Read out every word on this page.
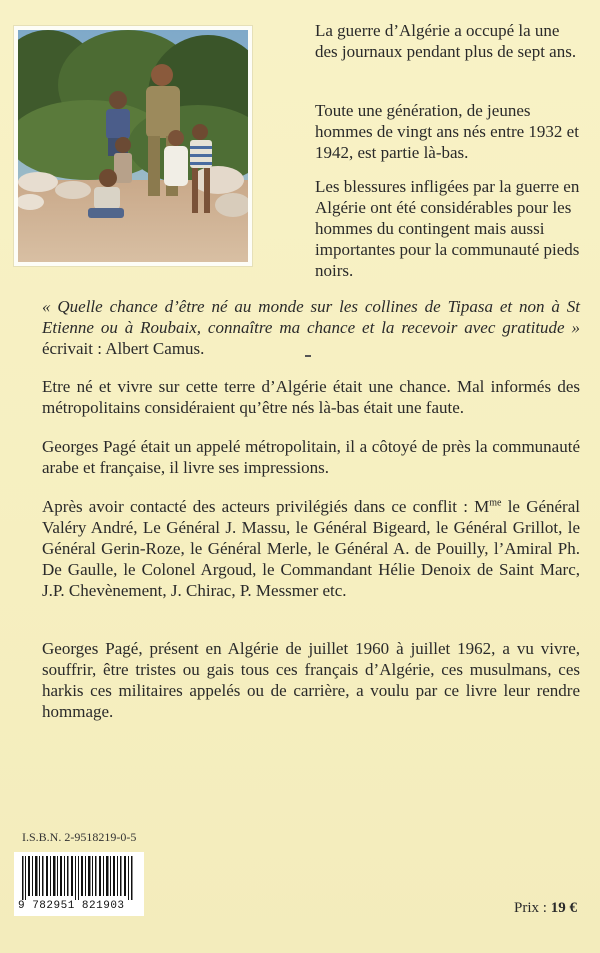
La guerre d’Algérie a occupé la une des journaux pendant plus de sept ans.

Toute une génération, de jeunes hommes de vingt ans nés entre 1932 et 1942, est partie là-bas.

Les blessures infligées par la guerre en Algérie ont été considérables pour les hommes du contingent mais aussi importantes pour la communauté pieds noirs.

« Quelle chance d’être né au monde sur les collines de Tipasa et non à St Etienne ou à Roubaix, connaître ma chance et la recevoir avec gratitude » écrivait : Albert Camus.

Etre né et vivre sur cette terre d’Algérie était une chance. Mal informés des métropolitains considéraient qu’être nés là-bas était une faute.

Georges Pagé était un appelé métropolitain, il a côtoyé de près la communauté arabe et française, il livre ses impressions.

Après avoir contacté des acteurs privilégiés dans ce conflit : $M^{me}$ le Général Valéry André, Le Général J. Massu, le Général Bigeard, le Général Grillot, le Général Gerin-Roze, le Général Merle, le Général A. de Pouilly, l’Amiral Ph. De Gaulle, le Colonel Argoud, le Commandant Hélie Denoix de Saint Marc, J.P. Chevènement, J. Chirac, P. Messmer etc.

Georges Pagé, présent en Algérie de juillet 1960 à juillet 1962, a vu vivre, souffrir, être tristes ou gais tous ces français d’Algérie, ces musulmans, ces harkis ces militaires appelés ou de carrière, a voulu par ce livre leur rendre hommage.

I.S.B.N. 2-9518219-0-5
9 782951 821903	Prix : 19 €
